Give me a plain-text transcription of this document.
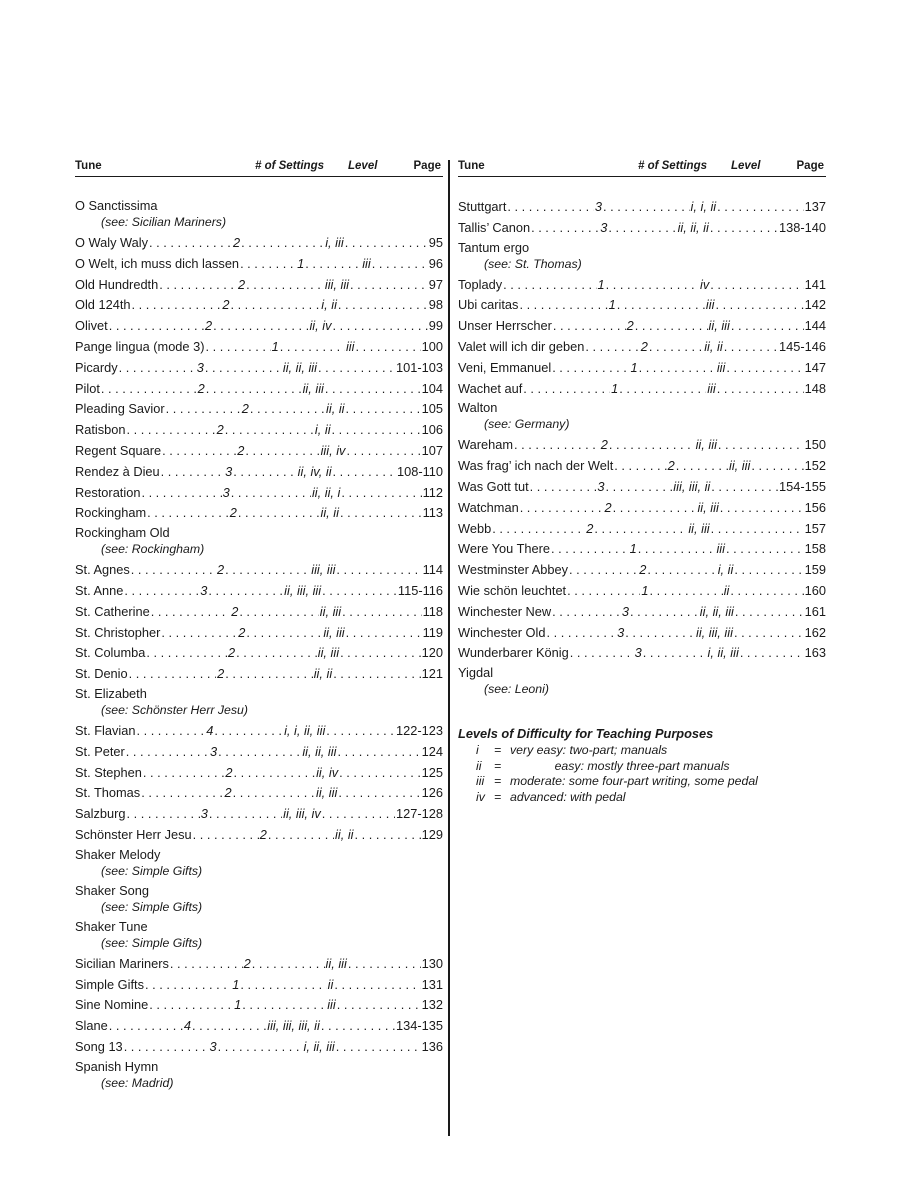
Tune	# of Settings Level	Page
O Sanctissima
(see: Sicilian Mariners)
O Waly Waly . . .	2 . . .	i, iii . . .	95
O Welt, ich muss dich lassen . . .	1 . . .	iii . . .	96
Old Hundredth . . .	2 . . .	iii, iii . . .	97
Old 124th . . .	2 . . .	i, ii . . .	98
Olivet . . .	2 . . .	ii, iv . . .	99
Pange lingua (mode 3) . . .	1 . . .	iii . . .	100
Picardy . . .	3 . . .	ii, ii, iii . . .	101-103
Pilot . . .	2 . . .	ii, iii . . .	104
Pleading Savior . . .	2 . . .	ii, ii . . .	105
Ratisbon . . .	2 . . .	i, ii . . .	106
Regent Square . . .	2 . . .	iii, iv . . .	107
Rendez à Dieu . . .	3 . . .	ii, iv, ii . . .	108-110
Restoration . . .	3 . . .	ii, ii, i . . .	112
Rockingham . . .	2 . . .	ii, ii . . .	113
Rockingham Old
(see: Rockingham)
St. Agnes . . .	2 . . .	iii, iii . . .	114
St. Anne . . .	3 . . .	ii, iii, iii . . .	115-116
St. Catherine . . .	2 . . .	ii, iii . . .	118
St. Christopher . . .	2 . . .	ii, iii . . .	119
St. Columba . . .	2 . . .	ii, iii . . .	120
St. Denio . . .	2 . . .	ii, ii . . .	121
St. Elizabeth
(see: Schönster Herr Jesu)
St. Flavian . . .	4 . . .	i, i, ii, iii . . .	122-123
St. Peter . . .	3 . . .	ii, ii, iii . . .	124
St. Stephen . . .	2 . . .	ii, iv . . .	125
St. Thomas . . .	2 . . .	ii, iii . . .	126
Salzburg . . .	3 . . .	ii, iii, iv . . .	127-128
Schönster Herr Jesu . . .	2 . . .	ii, ii . . .	129
Shaker Melody
(see: Simple Gifts)
Shaker Song
(see: Simple Gifts)
Shaker Tune
(see: Simple Gifts)
Sicilian Mariners . . .	2 . . .	ii, iii . . .	130
Simple Gifts . . .	1 . . .	ii . . .	131
Sine Nomine . . .	1 . . .	iii . . .	132
Slane . . .	4 . . .	iii, iii, iii, ii . . .	134-135
Song 13 . . .	3 . . .	i, ii, iii . . .	136
Spanish Hymn
(see: Madrid)
Tune	# of Settings Level	Page
Stuttgart . . .	3 . . .	i, i, ii . . .	137
Tallis’ Canon . . .	3 . . .	ii, ii, ii . . .	138-140
Tantum ergo
(see: St. Thomas)
Toplady . . .	1 . . .	iv . . .	141
Ubi caritas . . .	1 . . .	iii . . .	142
Unser Herrscher . . .	2 . . .	ii, iii . . .	144
Valet will ich dir geben . . .	2 . . .	ii, ii . . .	145-146
Veni, Emmanuel . . .	1 . . .	iii . . .	147
Wachet auf . . .	1 . . .	iii . . .	148
Walton
(see: Germany)
Wareham . . .	2 . . .	ii, iii . . .	150
Was frag’ ich nach der Welt . . .	2 . . .	ii, iii . . .	152
Was Gott tut . . .	3 . . .	iii, iii, ii . . .	154-155
Watchman . . .	2 . . .	ii, iii . . .	156
Webb . . .	2 . . .	ii, iii . . .	157
Were You There . . .	1 . . .	iii . . .	158
Westminster Abbey . . .	2 . . .	i, ii . . .	159
Wie schön leuchtet . . .	1 . . .	ii . . .	160
Winchester New . . .	3 . . .	ii, ii, iii . . .	161
Winchester Old . . .	3 . . .	ii, iii, iii . . .	162
Wunderbarer König . . .	3 . . .	i, ii, iii . . .	163
Yigdal
(see: Leoni)
Levels of Difficulty for Teaching Purposes
i = very easy: two-part; manuals
ii =	easy: mostly three-part manuals
iii = moderate: some four-part writing, some pedal
iv = advanced: with pedal
